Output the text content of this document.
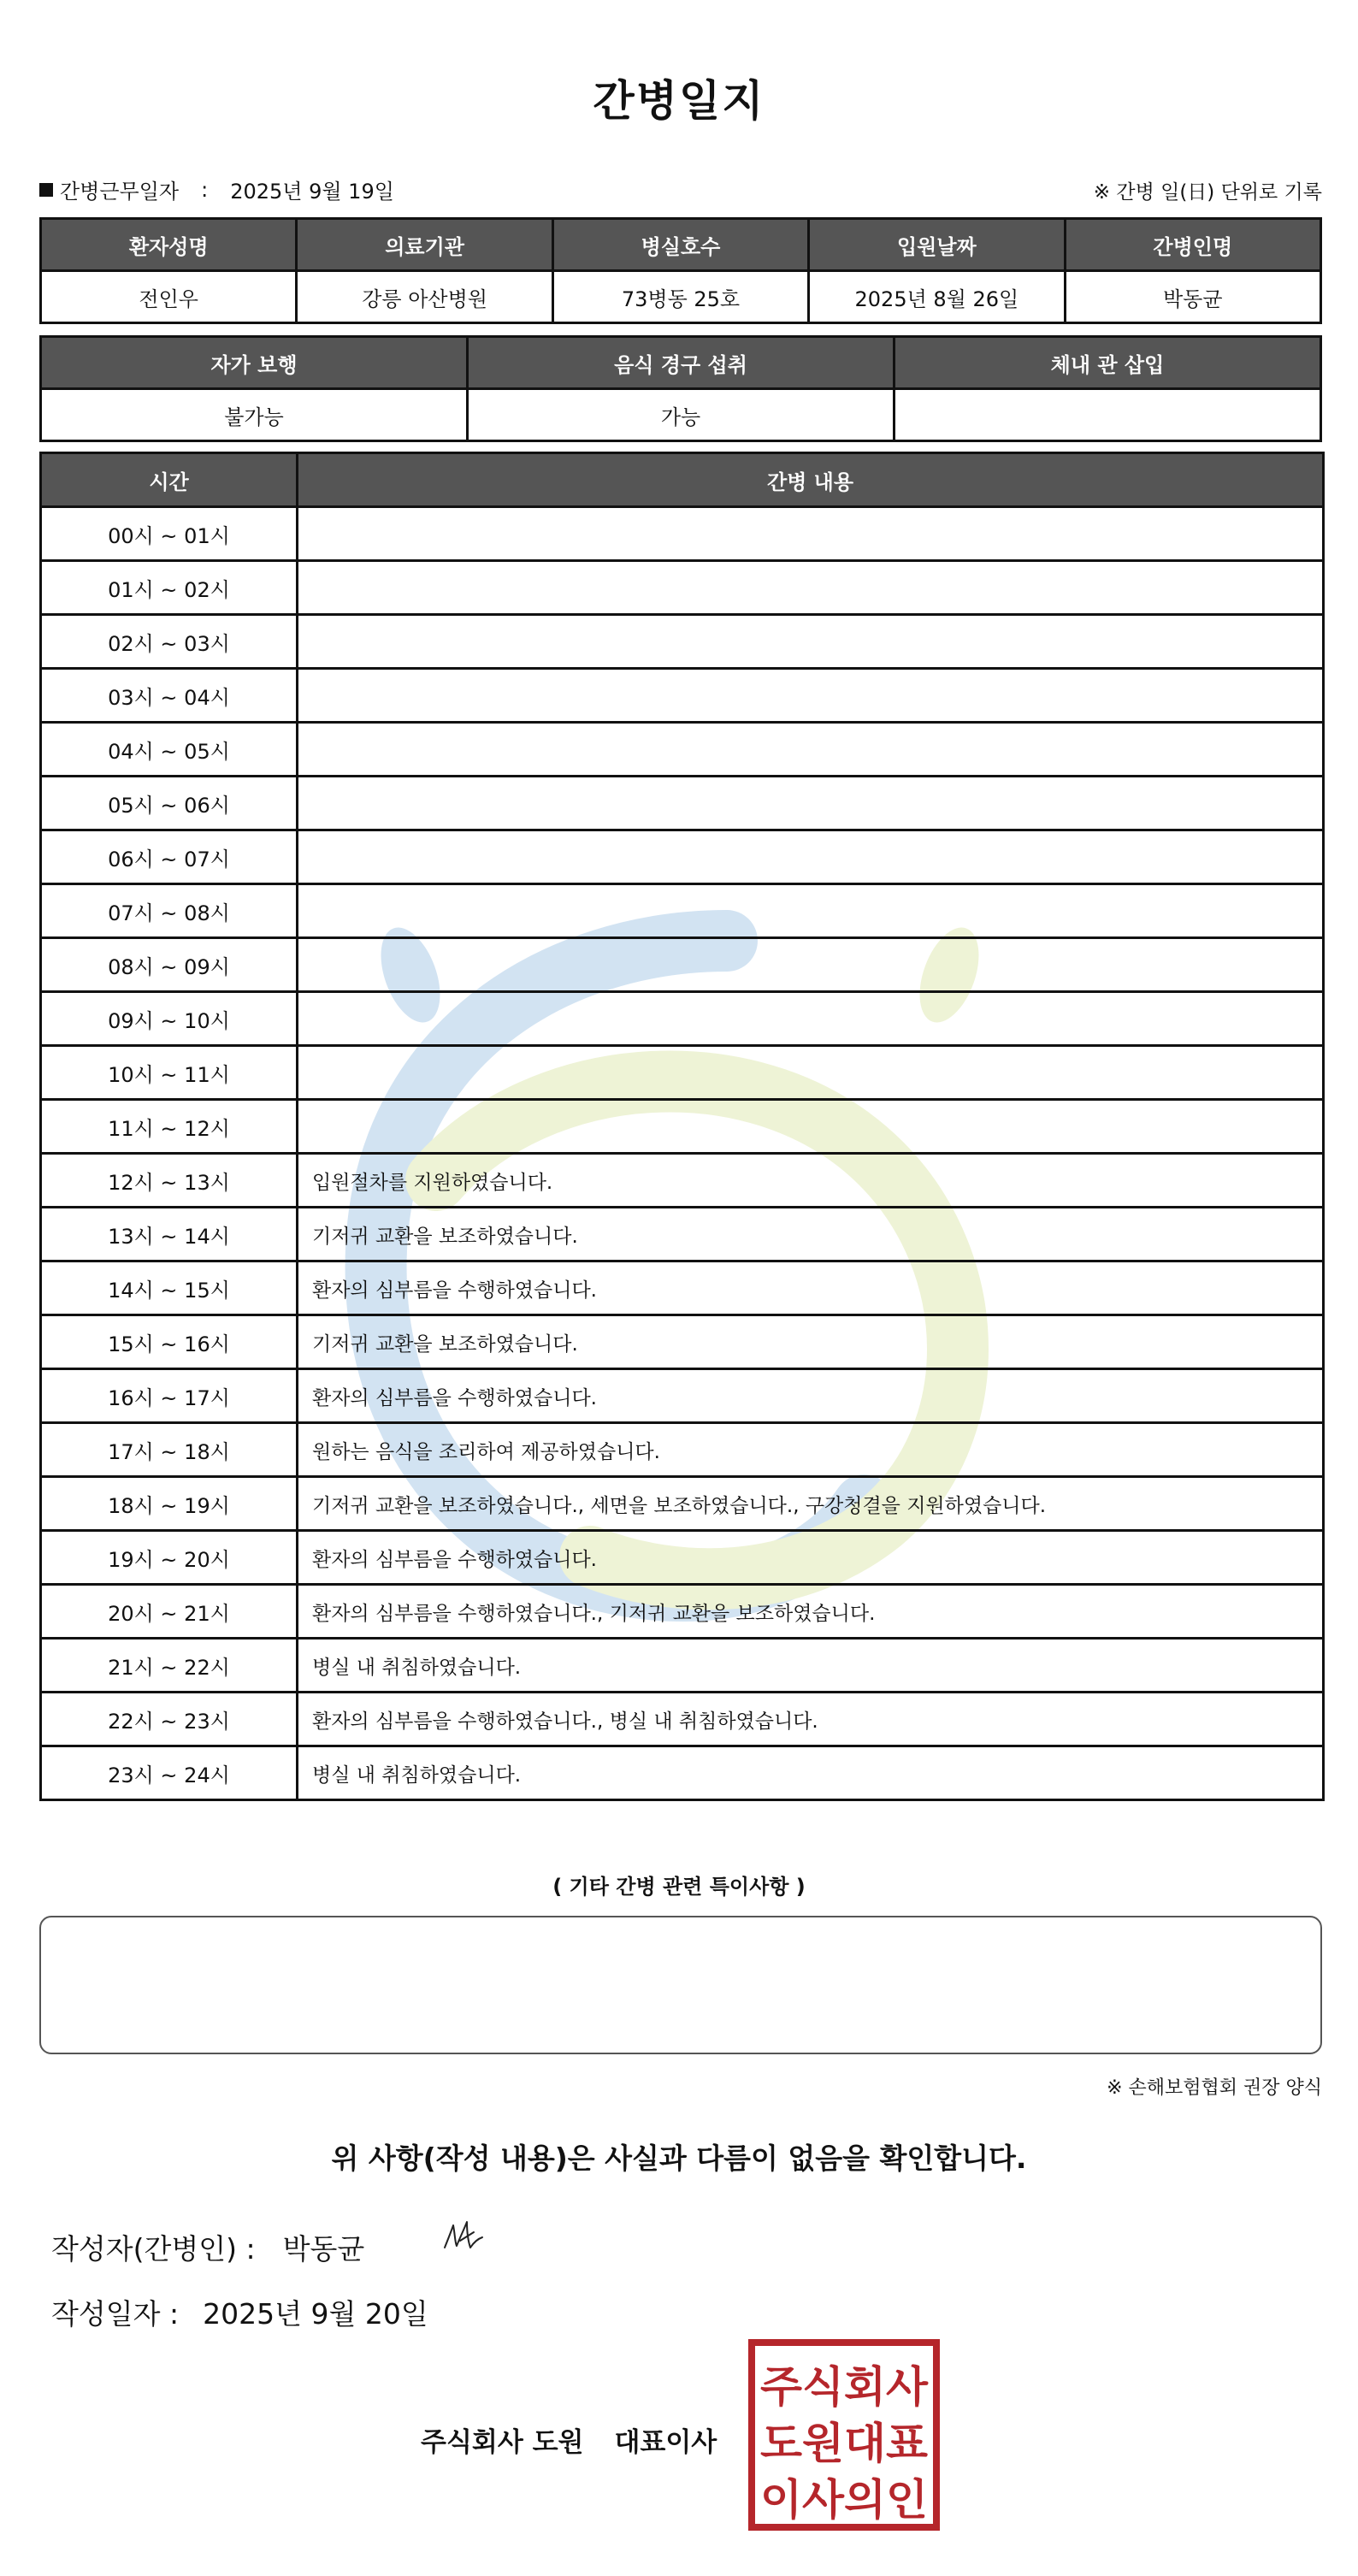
간병일지
간병근무일자 : 2025년 9월 19일	※ 간병 일(日) 단위로 기록
환자성명	의료기관	병실호수	입원날짜	간병인명
전인우	강릉 아산병원	73병동 25호	2025년 8월 26일	박동균
자가 보행	음식 경구 섭취	체내 관 삽입
불가능	가능	
시간	간병 내용
00시 ~ 01시	
01시 ~ 02시	
02시 ~ 03시	
03시 ~ 04시	
04시 ~ 05시	
05시 ~ 06시	
06시 ~ 07시	
07시 ~ 08시	
08시 ~ 09시	
09시 ~ 10시	
10시 ~ 11시	
11시 ~ 12시	
12시 ~ 13시	입원절차를 지원하였습니다.
13시 ~ 14시	기저귀 교환을 보조하였습니다.
14시 ~ 15시	환자의 심부름을 수행하였습니다.
15시 ~ 16시	기저귀 교환을 보조하였습니다.
16시 ~ 17시	환자의 심부름을 수행하였습니다.
17시 ~ 18시	원하는 음식을 조리하여 제공하였습니다.
18시 ~ 19시	기저귀 교환을 보조하였습니다., 세면을 보조하였습니다., 구강청결을 지원하였습니다.
19시 ~ 20시	환자의 심부름을 수행하였습니다.
20시 ~ 21시	환자의 심부름을 수행하였습니다., 기저귀 교환을 보조하였습니다.
21시 ~ 22시	병실 내 취침하였습니다.
22시 ~ 23시	환자의 심부름을 수행하였습니다., 병실 내 취침하였습니다.
23시 ~ 24시	병실 내 취침하였습니다.
( 기타 간병 관련 특이사항 )
※ 손해보험협회 권장 양식
위 사항(작성 내용)은 사실과 다름이 없음을 확인합니다.
작성자(간병인) : 박동균
작성일자 : 2025년 9월 20일
주식회사 도원 대표이사
주식회사
도원대표
이사의인
